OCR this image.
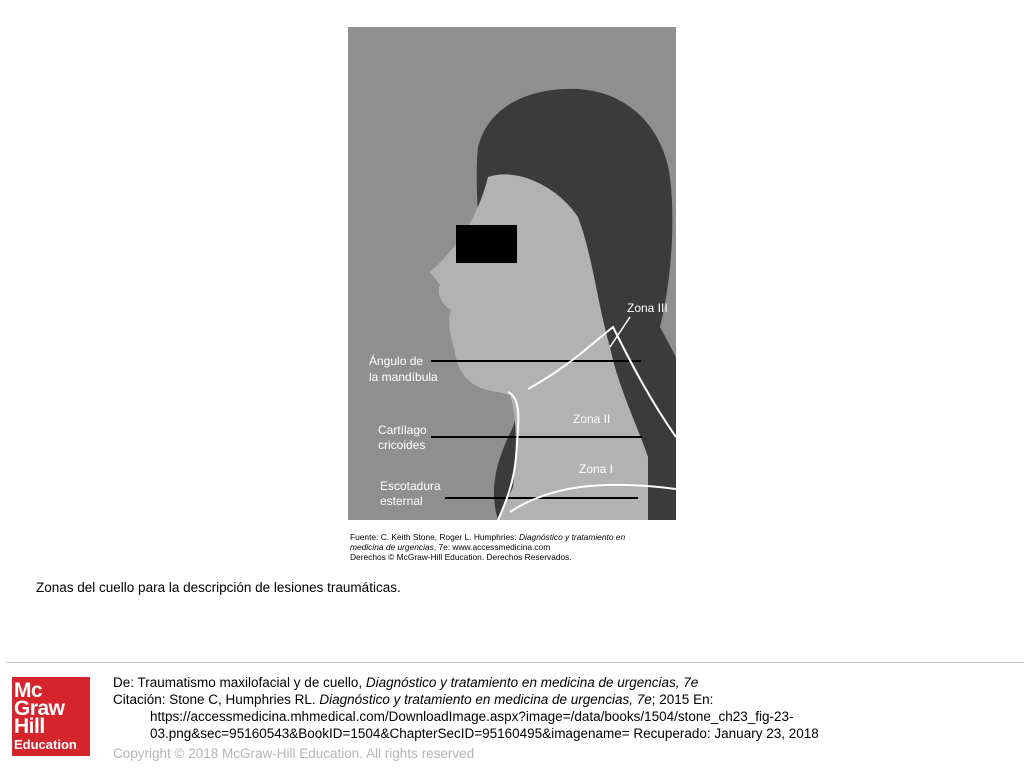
Zona III
Ángulo de
la mandíbula
Zona II
Cartílago
cricoides
Zona I
Escotadura
esternal
Fuente: C. Keith Stone, Roger L. Humphries: Diagnóstico y tratamiento en
medicina de urgencias, 7e: www.accessmedicina.com
Derechos © McGraw-Hill Education. Derechos Reservados.
Zonas del cuello para la descripción de lesiones traumáticas.
Mc
Graw
Hill
Education
De: Traumatismo maxilofacial y de cuello, Diagnóstico y tratamiento en medicina de urgencias, 7e
Citación: Stone C, Humphries RL. Diagnóstico y tratamiento en medicina de urgencias, 7e; 2015 En:
https://accessmedicina.mhmedical.com/DownloadImage.aspx?image=/data/books/1504/stone_ch23_fig-23-
03.png&sec=95160543&BookID=1504&ChapterSecID=95160495&imagename= Recuperado: January 23, 2018
Copyright © 2018 McGraw-Hill Education. All rights reserved
